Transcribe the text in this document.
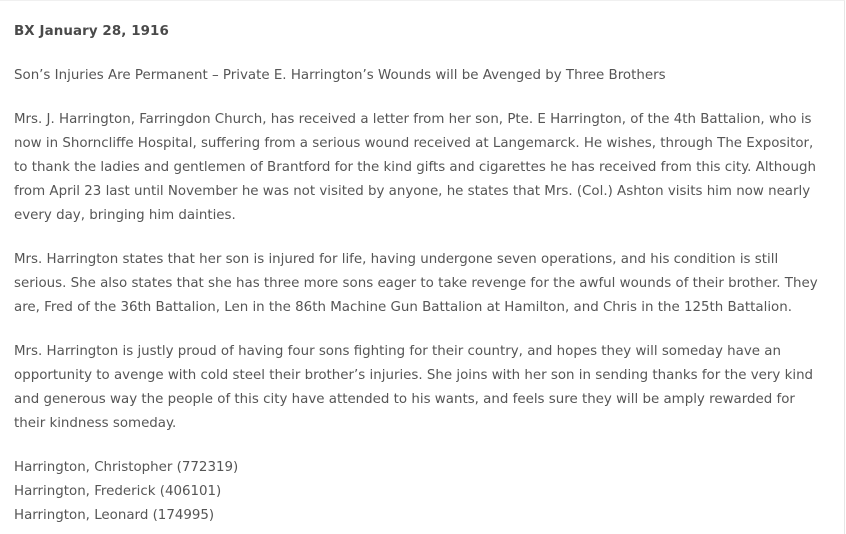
BX January 28, 1916

Son’s Injuries Are Permanent – Private E. Harrington’s Wounds will be Avenged by Three Brothers

Mrs. J. Harrington, Farringdon Church, has received a letter from her son, Pte. E Harrington, of the 4th Battalion, who is now in Shorncliffe Hospital, suffering from a serious wound received at Langemarck. He wishes, through The Expositor, to thank the ladies and gentlemen of Brantford for the kind gifts and cigarettes he has received from this city. Although from April 23 last until November he was not visited by anyone, he states that Mrs. (Col.) Ashton visits him now nearly every day, bringing him dainties.

Mrs. Harrington states that her son is injured for life, having undergone seven operations, and his condition is still serious. She also states that she has three more sons eager to take revenge for the awful wounds of their brother. They are, Fred of the 36th Battalion, Len in the 86th Machine Gun Battalion at Hamilton, and Chris in the 125th Battalion.

Mrs. Harrington is justly proud of having four sons fighting for their country, and hopes they will someday have an opportunity to avenge with cold steel their brother’s injuries. She joins with her son in sending thanks for the very kind and generous way the people of this city have attended to his wants, and feels sure they will be amply rewarded for their kindness someday.

Harrington, Christopher (772319)
Harrington, Frederick (406101)
Harrington, Leonard (174995)
